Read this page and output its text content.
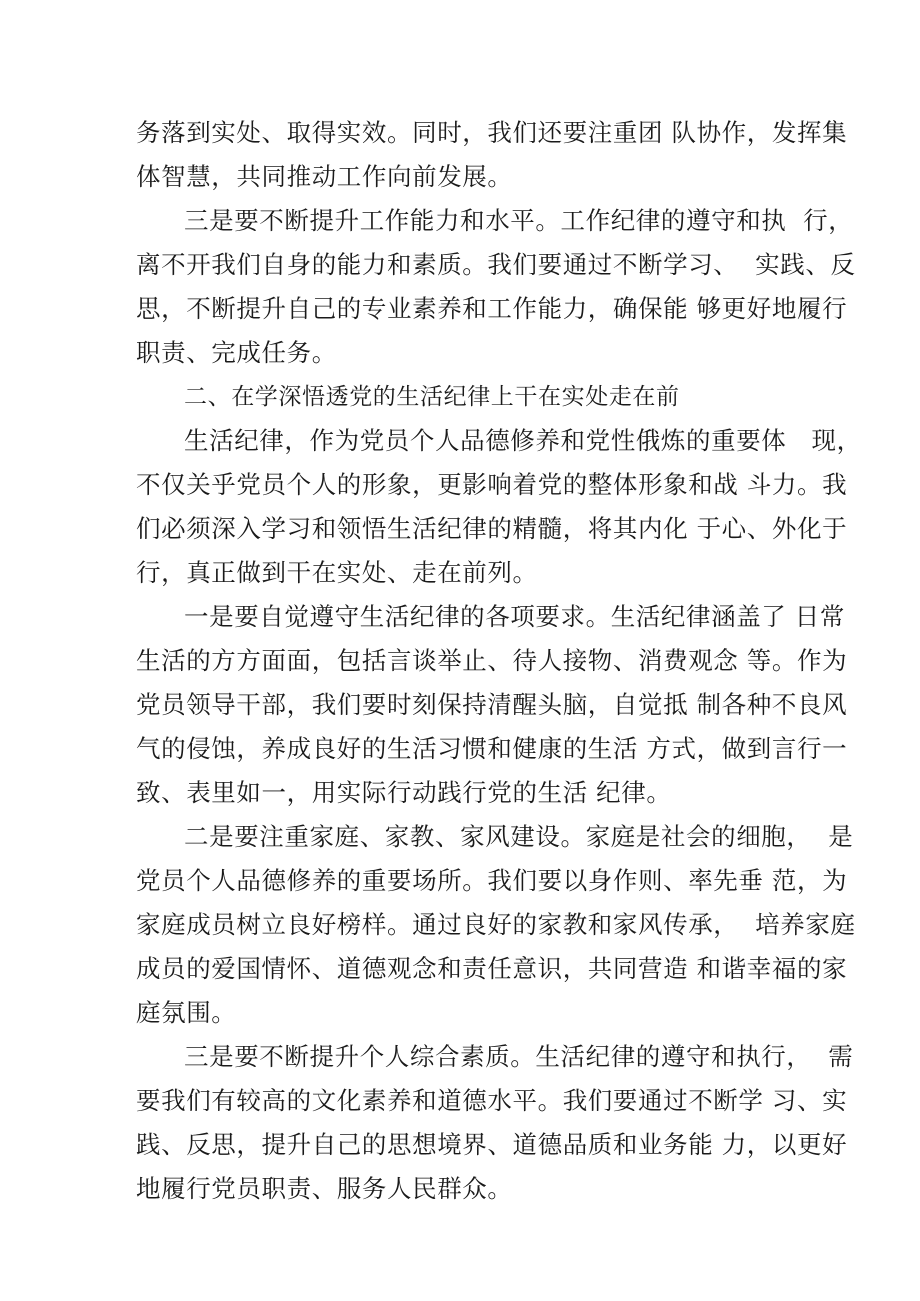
务落到实处、取得实效。同时，我们还要注重团 队协作，发挥集
体智慧，共同推动工作向前发展。
三是要不断提升工作能力和水平。工作纪律的遵守和执  行，
离不开我们自身的能力和素质。我们要通过不断学习、  实践、反
思，不断提升自己的专业素养和工作能力，确保能 够更好地履行
职责、完成任务。
二、在学深悟透党的生活纪律上干在实处走在前
生活纪律，作为党员个人品德修养和党性俄炼的重要体   现，
不仅关乎党员个人的形象，更影响着党的整体形象和战 斗力。我
们必须深入学习和领悟生活纪律的精髓，将其内化 于心、外化于
行，真正做到干在实处、走在前列。
一是要自觉遵守生活纪律的各项要求。生活纪律涵盖了 日常
生活的方方面面，包括言谈举止、待人接物、消费观念 等。作为
党员领导干部，我们要时刻保持清醒头脑，自觉抵 制各种不良风
气的侵蚀，养成良好的生活习惯和健康的生活 方式，做到言行一
致、表里如一，用实际行动践行党的生活 纪律。
二是要注重家庭、家教、家风建设。家庭是社会的细胞，  是
党员个人品德修养的重要场所。我们要以身作则、率先垂 范，为
家庭成员树立良好榜样。通过良好的家教和家风传承，  培养家庭
成员的爱国情怀、道德观念和责任意识，共同营造 和谐幸福的家
庭氛围。
三是要不断提升个人综合素质。生活纪律的遵守和执行，  需
要我们有较高的文化素养和道德水平。我们要通过不断学 习、实
践、反思，提升自己的思想境界、道德品质和业务能 力，以更好
地履行党员职责、服务人民群众。
